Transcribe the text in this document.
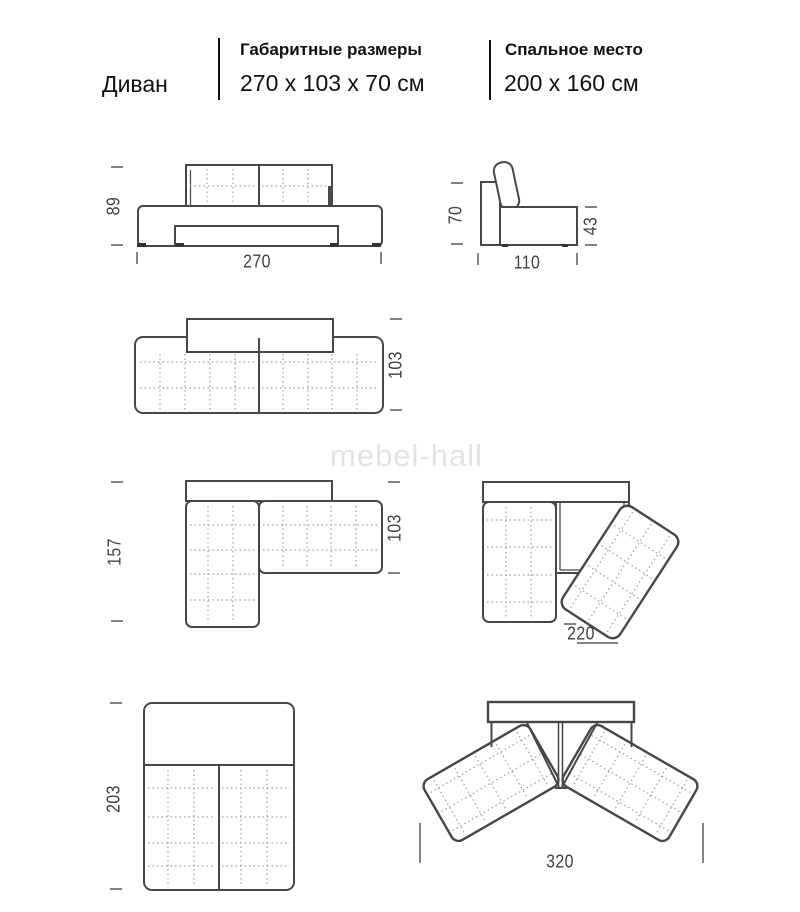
Диван
Габаритные размеры
270 x 103 x 70 см
Спальное место
200 x 160 см
mebel-hall
89
270
70
110
43
103
157
103
220
203
320
